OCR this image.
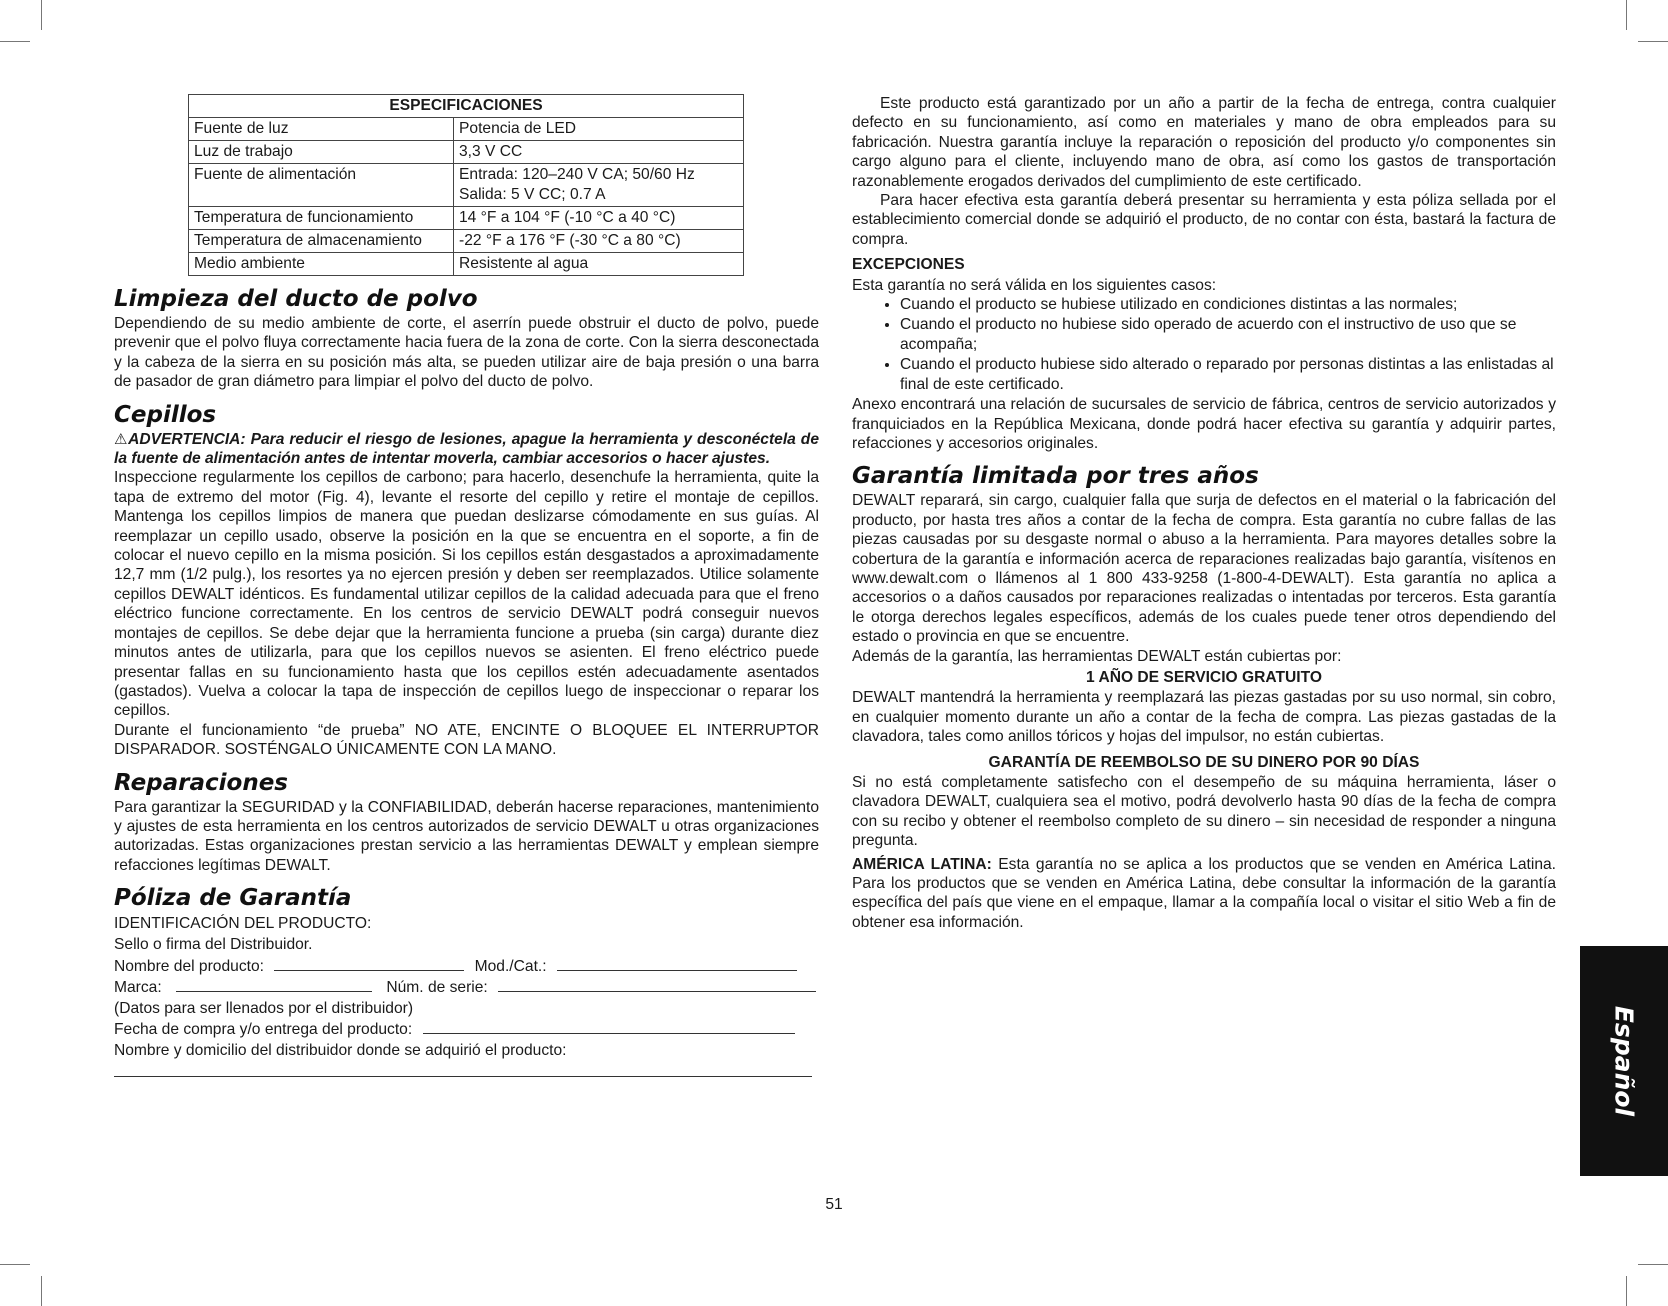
ESPECIFICACIONES	
Fuente de luz	Potencia de LED
Luz de trabajo	3,3 V CC
Fuente de alimentación	Entrada: 120–240 V CA; 50/60 Hz
Salida: 5 V CC; 0.7 A

Temperatura de funcionamiento	14 °F a 104 °F (-10 °C a 40 °C)
Temperatura de almacenamiento	-22 °F a 176 °F (-30 °C a 80 °C)
Medio ambiente	Resistente al agua
Limpieza del ducto de polvo

Dependiendo de su medio ambiente de corte, el aserrín puede obstruir el ducto de polvo, puede prevenir que el polvo fluya correctamente hacia fuera de la zona de corte. Con la sierra desconectada y la cabeza de la sierra en su posición más alta, se pueden utilizar aire de baja presión o una barra de pasador de gran diámetro para limpiar el polvo del ducto de polvo.

Cepillos

⚠ADVERTENCIA: Para reducir el riesgo de lesiones, apague la herramienta y desconéctela de la fuente de alimentación antes de intentar moverla, cambiar accesorios o hacer ajustes.

Inspeccione regularmente los cepillos de carbono; para hacerlo, desenchufe la herramienta, quite la tapa de extremo del motor (Fig. 4), levante el resorte del cepillo y retire el montaje de cepillos. Mantenga los cepillos limpios de manera que puedan deslizarse cómodamente en sus guías. Al reemplazar un cepillo usado, observe la posición en la que se encuentra en el soporte, a fin de colocar el nuevo cepillo en la misma posición. Si los cepillos están desgastados a aproximadamente 12,7 mm (1/2 pulg.), los resortes ya no ejercen presión y deben ser reemplazados. Utilice solamente cepillos DEWALT idénticos. Es fundamental utilizar cepillos de la calidad adecuada para que el freno eléctrico funcione correctamente. En los centros de servicio DEWALT podrá conseguir nuevos montajes de cepillos. Se debe dejar que la herramienta funcione a prueba (sin carga) durante diez minutos antes de utilizarla, para que los cepillos nuevos se asienten. El freno eléctrico puede presentar fallas en su funcionamiento hasta que los cepillos estén adecuadamente asentados (gastados). Vuelva a colocar la tapa de inspección de cepillos luego de inspeccionar o reparar los cepillos.

Durante el funcionamiento “de prueba” NO ATE, ENCINTE O BLOQUEE EL INTERRUPTOR DISPARADOR. SOSTÉNGALO ÚNICAMENTE CON LA MANO.

Reparaciones

Para garantizar la SEGURIDAD y la CONFIABILIDAD, deberán hacerse reparaciones, mantenimiento y ajustes de esta herramienta en los centros autorizados de servicio DEWALT u otras organizaciones autorizadas. Estas organizaciones prestan servicio a las herramientas DEWALT y emplean siempre refacciones legítimas DEWALT.

Póliza de Garantía
IDENTIFICACIÓN DEL PRODUCTO:
Sello o firma del Distribuidor.
Nombre del producto:	Mod./Cat.:
Marca:	Núm. de serie:
(Datos para ser llenados por el distribuidor)
Fecha de compra y/o entrega del producto:
Nombre y domicilio del distribuidor donde se adquirió el producto:

Este producto está garantizado por un año a partir de la fecha de entrega, contra cualquier defecto en su funcionamiento, así como en materiales y mano de obra empleados para su fabricación. Nuestra garantía incluye la reparación o reposición del producto y/o componentes sin cargo alguno para el cliente, incluyendo mano de obra, así como los gastos de transportación razonablemente erogados derivados del cumplimiento de este certificado.

Para hacer efectiva esta garantía deberá presentar su herramienta y esta póliza sellada por el establecimiento comercial donde se adquirió el producto, de no contar con ésta, bastará la factura de compra.

EXCEPCIONES

Esta garantía no será válida en los siguientes casos:

• Cuando el producto se hubiese utilizado en condiciones distintas a las normales;
• Cuando el producto no hubiese sido operado de acuerdo con el instructivo de uso que se acompaña;
• Cuando el producto hubiese sido alterado o reparado por personas distintas a las enlistadas al final de este certificado.

Anexo encontrará una relación de sucursales de servicio de fábrica, centros de servicio autorizados y franquiciados en la República Mexicana, donde podrá hacer efectiva su garantía y adquirir partes, refacciones y accesorios originales.

Garantía limitada por tres años

DEWALT reparará, sin cargo, cualquier falla que surja de defectos en el material o la fabricación del producto, por hasta tres años a contar de la fecha de compra. Esta garantía no cubre fallas de las piezas causadas por su desgaste normal o abuso a la herramienta. Para mayores detalles sobre la cobertura de la garantía e información acerca de reparaciones realizadas bajo garantía, visítenos en www.dewalt.com o llámenos al 1 800 433-9258 (1-800-4-DEWALT). Esta garantía no aplica a accesorios o a daños causados por reparaciones realizadas o intentadas por terceros. Esta garantía le otorga derechos legales específicos, además de los cuales puede tener otros dependiendo del estado o provincia en que se encuentre.

Además de la garantía, las herramientas DEWALT están cubiertas por:

1 AÑO DE SERVICIO GRATUITO

DEWALT mantendrá la herramienta y reemplazará las piezas gastadas por su uso normal, sin cobro, en cualquier momento durante un año a contar de la fecha de compra. Las piezas gastadas de la clavadora, tales como anillos tóricos y hojas del impulsor, no están cubiertas.

GARANTÍA DE REEMBOLSO DE SU DINERO POR 90 DÍAS

Si no está completamente satisfecho con el desempeño de su máquina herramienta, láser o clavadora DEWALT, cualquiera sea el motivo, podrá devolverlo hasta 90 días de la fecha de compra con su recibo y obtener el reembolso completo de su dinero – sin necesidad de responder a ninguna pregunta.

AMÉRICA LATINA: Esta garantía no se aplica a los productos que se venden en América Latina. Para los productos que se venden en América Latina, debe consultar la información de la garantía específica del país que viene en el empaque, llamar a la compañía local o visitar el sitio Web a fin de obtener esa información.

51
Español
